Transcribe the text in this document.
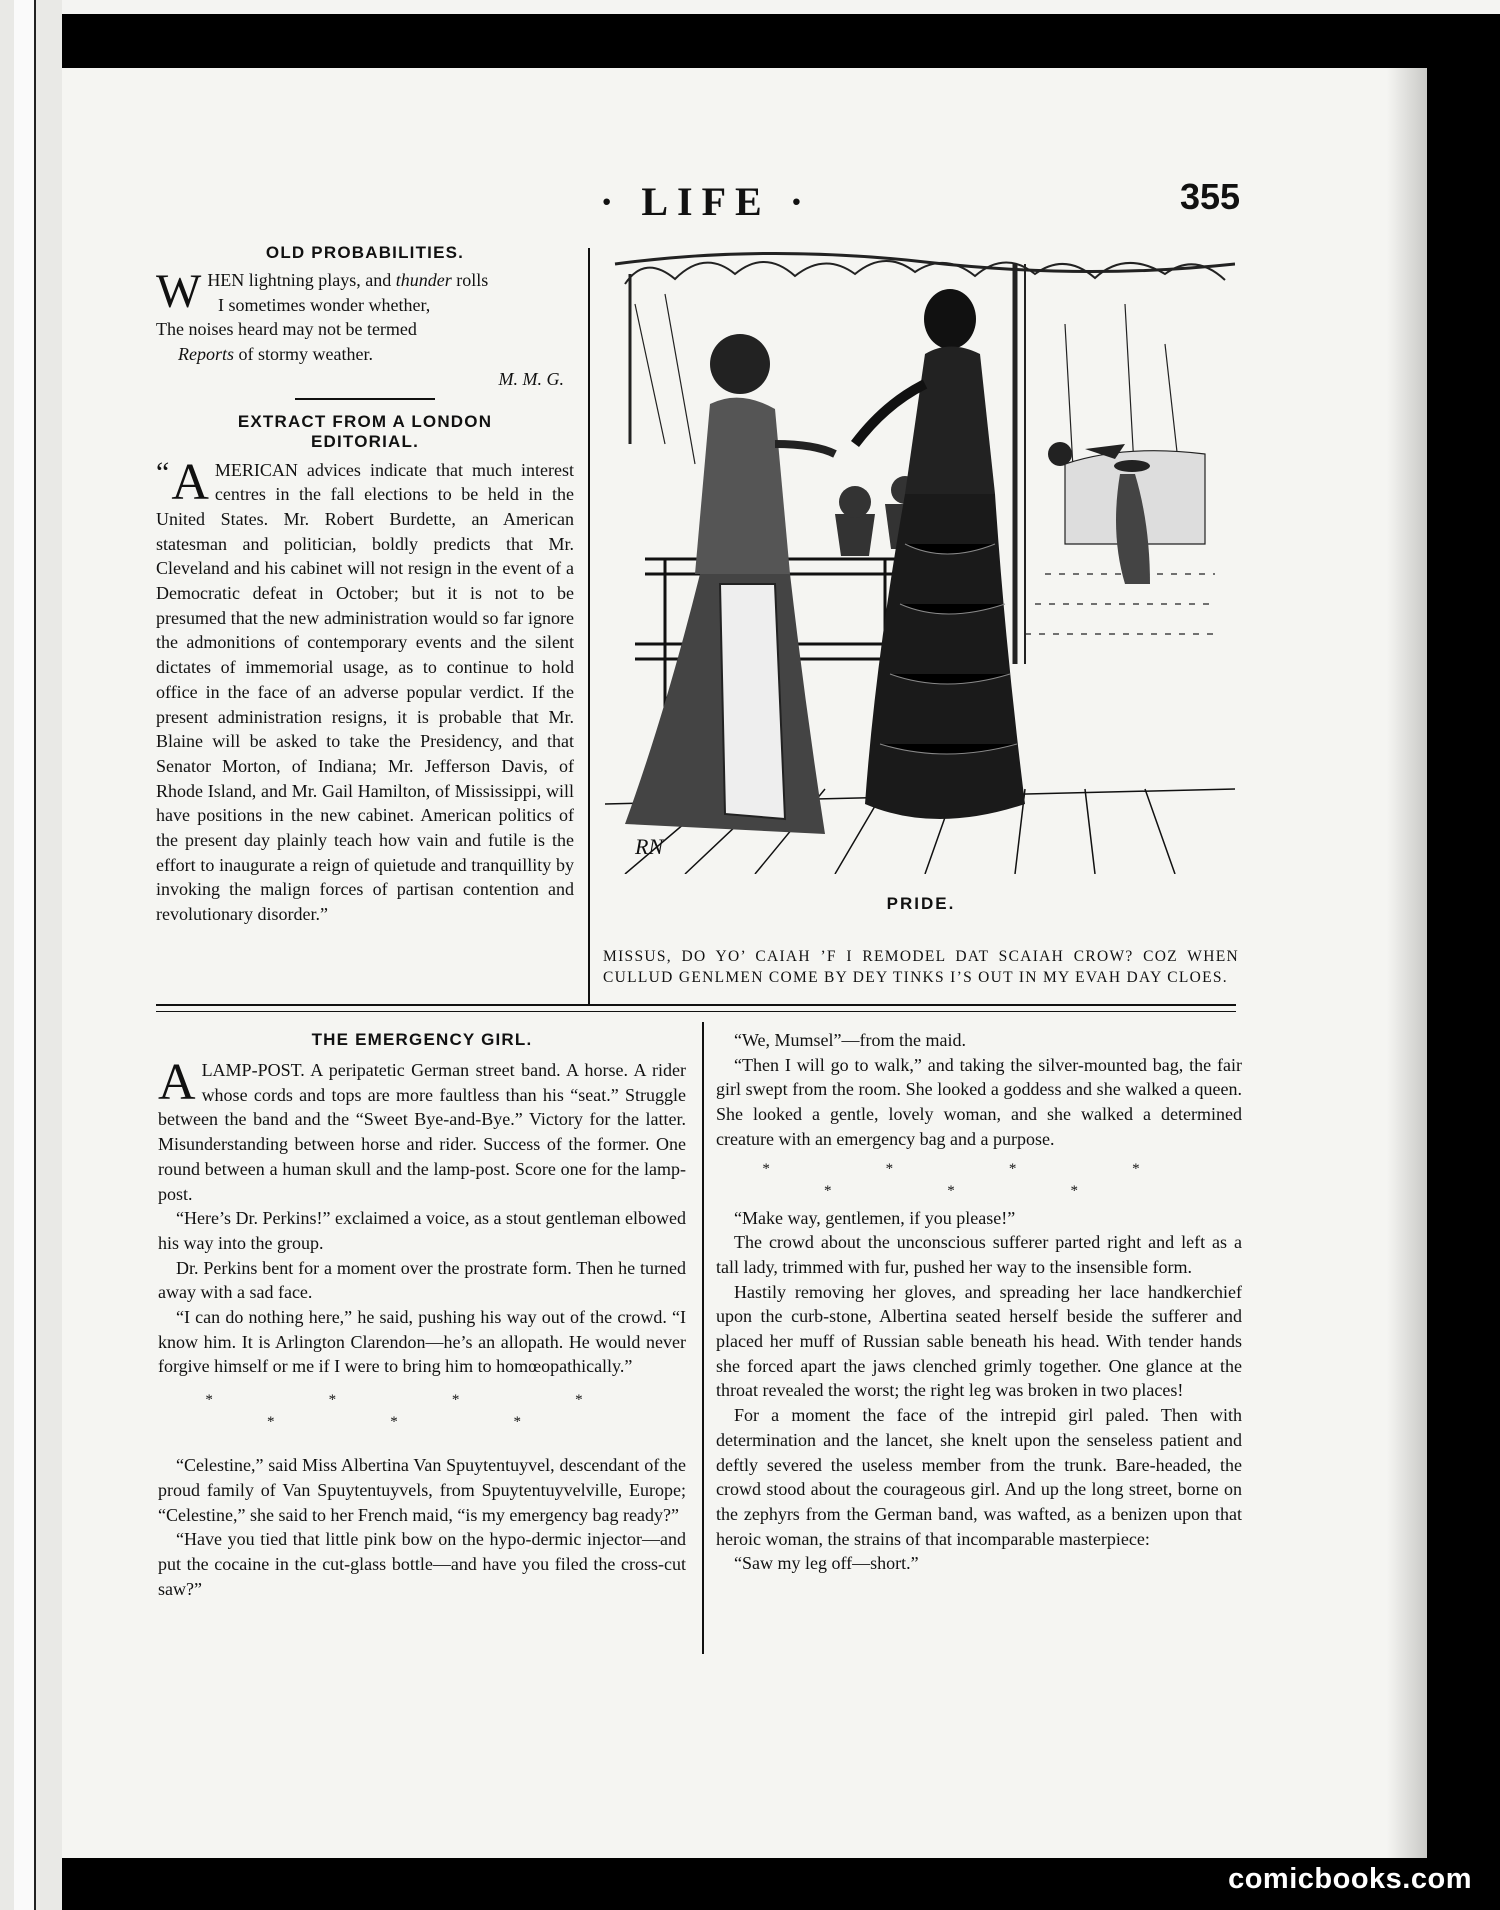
· LIFE ·	355
OLD PROBABILITIES.
WHEN lightning plays, and thunder rolls
I sometimes wonder whether,
The noises heard may not be termed
Reports of stormy weather.
M. M. G.
EXTRACT FROM A LONDON EDITORIAL.

“ A MERICAN advices indicate that much interest centres in the fall elections to be held in the United States. Mr. Robert Burdette, an American statesman and politician, boldly predicts that Mr. Cleveland and his cabinet will not resign in the event of a Democratic defeat in October; but it is not to be presumed that the new administration would so far ignore the admonitions of contemporary events and the silent dictates of immemorial usage, as to continue to hold office in the face of an adverse popular verdict. If the present administration resigns, it is probable that Mr. Blaine will be asked to take the Presidency, and that Senator Morton, of Indiana; Mr. Jefferson Davis, of Rhode Island, and Mr. Gail Hamilton, of Mississippi, will have positions in the new cabinet. American politics of the present day plainly teach how vain and futile is the effort to inaugurate a reign of quietude and tranquillity by invoking the malign forces of partisan contention and revolutionary disorder.”

RN
PRIDE.
MISSUS, DO YO’ CAIAH ’F I REMODEL DAT SCAIAH CROW? COZ WHEN CULLUD GENLMEN COME BY DEY TINKS I’S OUT IN MY EVAH DAY CLOES.
THE EMERGENCY GIRL.

ALAMP-POST. A peripatetic German street band. A horse. A rider whose cords and tops are more faultless than his “seat.” Struggle between the band and the “Sweet Bye-and-Bye.” Victory for the latter. Misunderstanding between horse and rider. Success of the former. One round between a human skull and the lamp-post. Score one for the lamp-post.

“Here’s Dr. Perkins!” exclaimed a voice, as a stout gentleman elbowed his way into the group.

Dr. Perkins bent for a moment over the prostrate form. Then he turned away with a sad face.

“I can do nothing here,” he said, pushing his way out of the crowd. “I know him. It is Arlington Clarendon—he’s an allopath. He would never forgive himself or me if I were to bring him to homœopathically.”

* * * * * * *

“Celestine,” said Miss Albertina Van Spuytentuyvel, descendant of the proud family of Van Spuytentuyvels, from Spuytentuyvelville, Europe; “Celestine,” she said to her French maid, “is my emergency bag ready?”

“Have you tied that little pink bow on the hypo-dermic injector—and put the cocaine in the cut-glass bottle—and have you filed the cross-cut saw?”

“We, Mumsel”—from the maid.

“Then I will go to walk,” and taking the silver-mounted bag, the fair girl swept from the room. She looked a goddess and she walked a queen. She looked a gentle, lovely woman, and she walked a determined creature with an emergency bag and a purpose.

* * * * * * *

“Make way, gentlemen, if you please!”

The crowd about the unconscious sufferer parted right and left as a tall lady, trimmed with fur, pushed her way to the insensible form.

Hastily removing her gloves, and spreading her lace handkerchief upon the curb-stone, Albertina seated herself beside the sufferer and placed her muff of Russian sable beneath his head. With tender hands she forced apart the jaws clenched grimly together. One glance at the throat revealed the worst; the right leg was broken in two places!

For a moment the face of the intrepid girl paled. Then with determination and the lancet, she knelt upon the senseless patient and deftly severed the useless member from the trunk. Bare-headed, the crowd stood about the courageous girl. And up the long street, borne on the zephyrs from the German band, was wafted, as a benizen upon that heroic woman, the strains of that incomparable masterpiece:

“Saw my leg off—short.”

comicbooks.com
